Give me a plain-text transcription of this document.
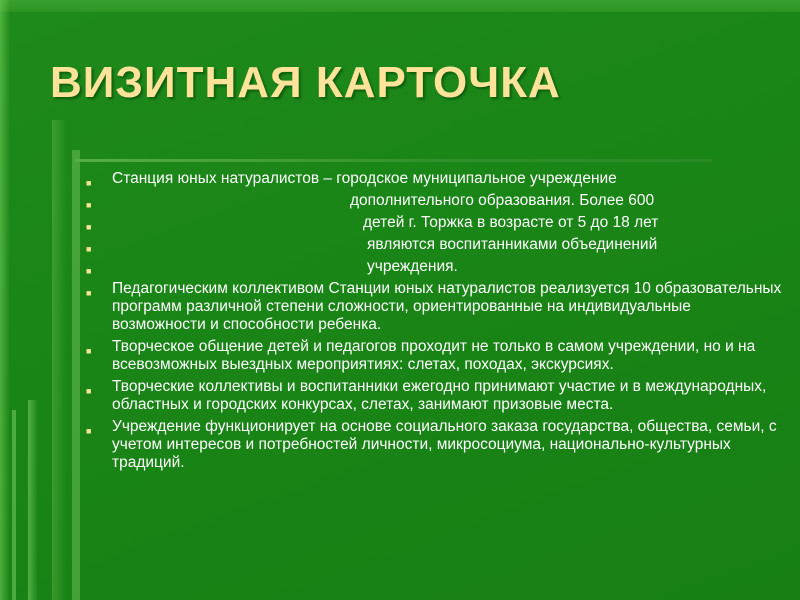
ВИЗИТНАЯ КАРТОЧКА
■ Станция юных натуралистов – городское муниципальное учреждение
■	дополнительного образования. Более 600
■	детей г. Торжка в возрасте от 5 до 18 лет
■	являются воспитанниками объединений
■	учреждения.
■ Педагогическим коллективом Станции юных натуралистов реализуется 10 образовательных программ различной степени сложности, ориентированные на индивидуальные возможности и способности ребенка.
■ Творческое общение детей и педагогов проходит не только в самом учреждении, но и на всевозможных выездных мероприятиях: слетах, походах, экскурсиях.
■ Творческие коллективы и воспитанники ежегодно принимают участие и в международных, областных и городских конкурсах, слетах, занимают призовые места.
■ Учреждение функционирует на основе социального заказа государства, общества, семьи, с учетом интересов и потребностей личности, микросоциума, национально-культурных традиций.
